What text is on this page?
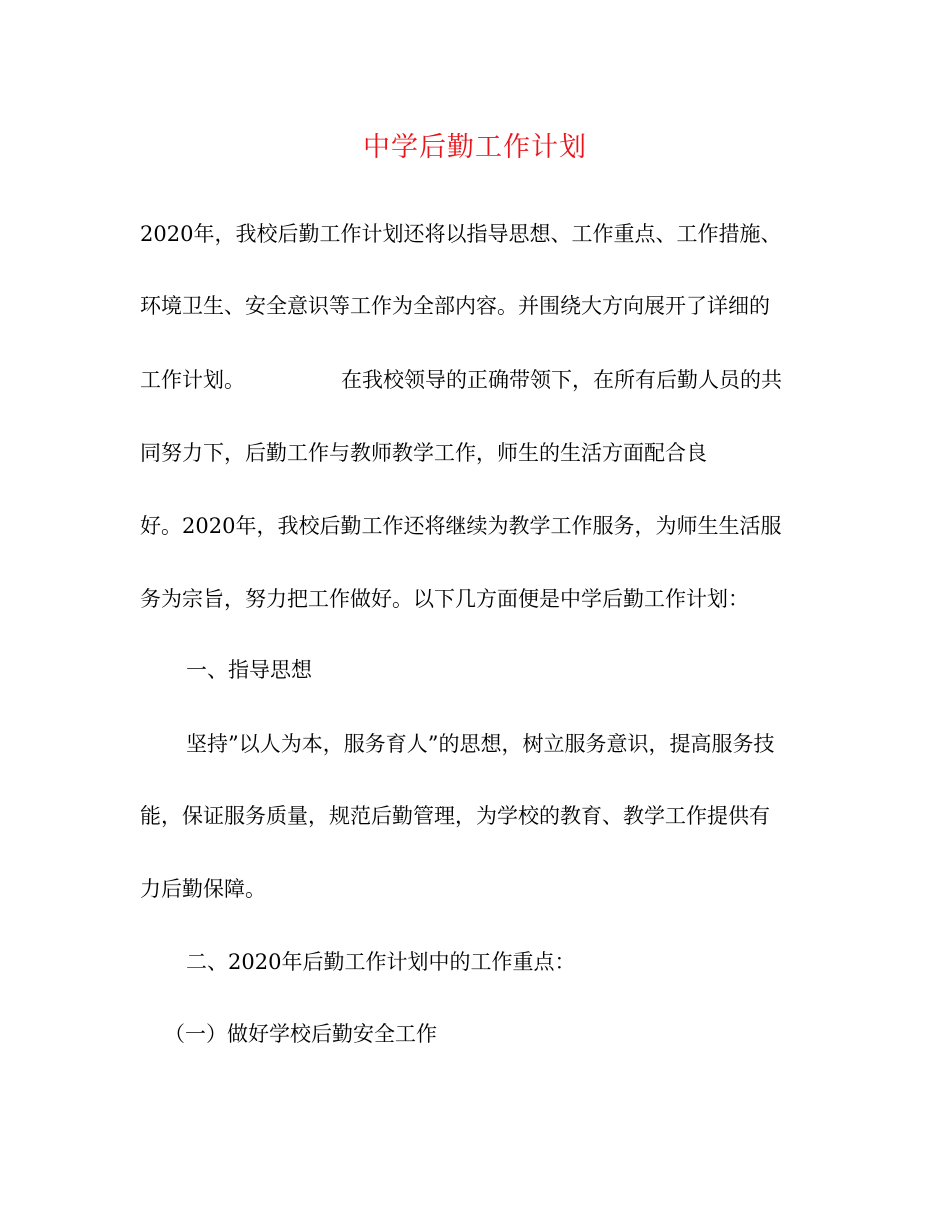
中学后勤工作计划
2020年，我校后勤工作计划还将以指导思想、工作重点、工作措施、
环境卫生、安全意识等工作为全部内容。并围绕大方向展开了详细的
工作计划。	在我校领导的正确带领下，在所有后勤人员的共
同努力下，后勤工作与教师教学工作，师生的生活方面配合良
好。2020年，我校后勤工作还将继续为教学工作服务，为师生生活服
务为宗旨，努力把工作做好。以下几方面便是中学后勤工作计划：
一、指导思想
坚持”以人为本，服务育人”的思想，树立服务意识，提高服务技
能，保证服务质量，规范后勤管理，为学校的教育、教学工作提供有
力后勤保障。
二、2020年后勤工作计划中的工作重点：
（一）做好学校后勤安全工作
